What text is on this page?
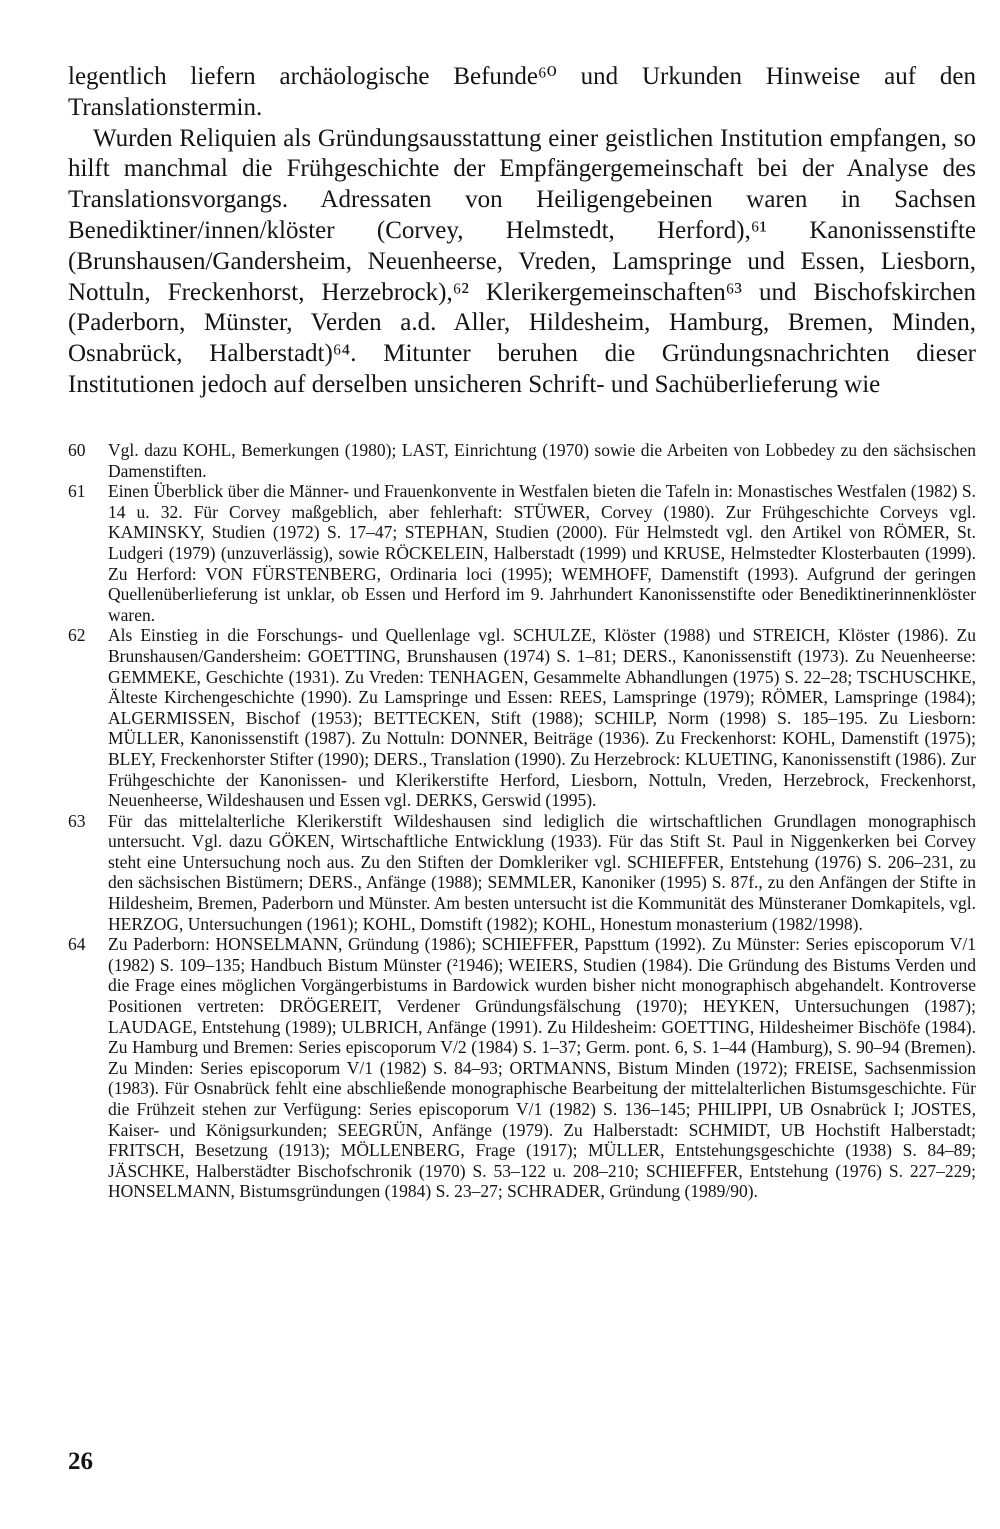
legentlich liefern archäologische Befunde⁶⁰ und Urkunden Hinweise auf den Translationstermin.

Wurden Reliquien als Gründungsausstattung einer geistlichen Institution empfangen, so hilft manchmal die Frühgeschichte der Empfängergemeinschaft bei der Analyse des Translationsvorgangs. Adressaten von Heiligengebeinen waren in Sachsen Benediktiner/innen/klöster (Corvey, Helmstedt, Herford),⁶¹ Kanonissenstifte (Brunshausen/Gandersheim, Neuenheerse, Vreden, Lamspringe und Essen, Liesborn, Nottuln, Freckenhorst, Herzebrock),⁶² Klerikergemeinschaften⁶³ und Bischofskirchen (Paderborn, Münster, Verden a.d. Aller, Hildesheim, Hamburg, Bremen, Minden, Osnabrück, Halberstadt)⁶⁴. Mitunter beruhen die Gründungsnachrichten dieser Institutionen jedoch auf derselben unsicheren Schrift- und Sachüberlieferung wie

60 Vgl. dazu KOHL, Bemerkungen (1980); LAST, Einrichtung (1970) sowie die Arbeiten von Lobbedey zu den sächsischen Damenstiften.
61 Einen Überblick über die Männer- und Frauenkonvente in Westfalen bieten die Tafeln in: Monastisches Westfalen (1982) S. 14 u. 32. Für Corvey maßgeblich, aber fehlerhaft: STÜWER, Corvey (1980). Zur Frühgeschichte Corveys vgl. KAMINSKY, Studien (1972) S. 17–47; STEPHAN, Studien (2000). Für Helmstedt vgl. den Artikel von RÖMER, St. Ludgeri (1979) (unzuverlässig), sowie RÖCKELEIN, Halberstadt (1999) und KRUSE, Helmstedter Klosterbauten (1999). Zu Herford: VON FÜRSTENBERG, Ordinaria loci (1995); WEMHOFF, Damenstift (1993). Aufgrund der geringen Quellenüberlieferung ist unklar, ob Essen und Herford im 9. Jahrhundert Kanonissenstifte oder Benediktinerinnenklöster waren.
62 Als Einstieg in die Forschungs- und Quellenlage vgl. SCHULZE, Klöster (1988) und STREICH, Klöster (1986). Zu Brunshausen/Gandersheim: GOETTING, Brunshausen (1974) S. 1–81; DERS., Kanonissenstift (1973). Zu Neuenheerse: GEMMEKE, Geschichte (1931). Zu Vreden: TENHAGEN, Gesammelte Abhandlungen (1975) S. 22–28; TSCHUSCHKE, Älteste Kirchengeschichte (1990). Zu Lamspringe und Essen: REES, Lamspringe (1979); RÖMER, Lamspringe (1984); ALGERMISSEN, Bischof (1953); BETTECKEN, Stift (1988); SCHILP, Norm (1998) S. 185–195. Zu Liesborn: MÜLLER, Kanonissenstift (1987). Zu Nottuln: DONNER, Beiträge (1936). Zu Freckenhorst: KOHL, Damenstift (1975); BLEY, Freckenhorster Stifter (1990); DERS., Translation (1990). Zu Herzebrock: KLUETING, Kanonissenstift (1986). Zur Frühgeschichte der Kanonissen- und Klerikerstifte Herford, Liesborn, Nottuln, Vreden, Herzebrock, Freckenhorst, Neuenheerse, Wildeshausen und Essen vgl. DERKS, Gerswid (1995).
63 Für das mittelalterliche Klerikerstift Wildeshausen sind lediglich die wirtschaftlichen Grundlagen monographisch untersucht. Vgl. dazu GÖKEN, Wirtschaftliche Entwicklung (1933). Für das Stift St. Paul in Niggenkerken bei Corvey steht eine Untersuchung noch aus. Zu den Stiften der Domkleriker vgl. SCHIEFFER, Entstehung (1976) S. 206–231, zu den sächsischen Bistümern; DERS., Anfänge (1988); SEMMLER, Kanoniker (1995) S. 87f., zu den Anfängen der Stifte in Hildesheim, Bremen, Paderborn und Münster. Am besten untersucht ist die Kommunität des Münsteraner Domkapitels, vgl. HERZOG, Untersuchungen (1961); KOHL, Domstift (1982); KOHL, Honestum monasterium (1982/1998).
64 Zu Paderborn: HONSELMANN, Gründung (1986); SCHIEFFER, Papsttum (1992). Zu Münster: Series episcoporum V/1 (1982) S. 109–135; Handbuch Bistum Münster (²1946); WEIERS, Studien (1984). Die Gründung des Bistums Verden und die Frage eines möglichen Vorgängerbistums in Bardowick wurden bisher nicht monographisch abgehandelt. Kontroverse Positionen vertreten: DRÖGEREIT, Verdener Gründungsfälschung (1970); HEYKEN, Untersuchungen (1987); LAUDAGE, Entstehung (1989); ULBRICH, Anfänge (1991). Zu Hildesheim: GOETTING, Hildesheimer Bischöfe (1984). Zu Hamburg und Bremen: Series episcoporum V/2 (1984) S. 1–37; Germ. pont. 6, S. 1–44 (Hamburg), S. 90–94 (Bremen). Zu Minden: Series episcoporum V/1 (1982) S. 84–93; ORTMANNS, Bistum Minden (1972); FREISE, Sachsenmission (1983). Für Osnabrück fehlt eine abschließende monographische Bearbeitung der mittelalterlichen Bistumsgeschichte. Für die Frühzeit stehen zur Verfügung: Series episcoporum V/1 (1982) S. 136–145; PHILIPPI, UB Osnabrück I; JOSTES, Kaiser- und Königsurkunden; SEEGRÜN, Anfänge (1979). Zu Halberstadt: SCHMIDT, UB Hochstift Halberstadt; FRITSCH, Besetzung (1913); MÖLLENBERG, Frage (1917); MÜLLER, Entstehungsgeschichte (1938) S. 84–89; JÄSCHKE, Halberstädter Bischofschronik (1970) S. 53–122 u. 208–210; SCHIEFFER, Entstehung (1976) S. 227–229; HONSELMANN, Bistumsgründungen (1984) S. 23–27; SCHRADER, Gründung (1989/90).
26
